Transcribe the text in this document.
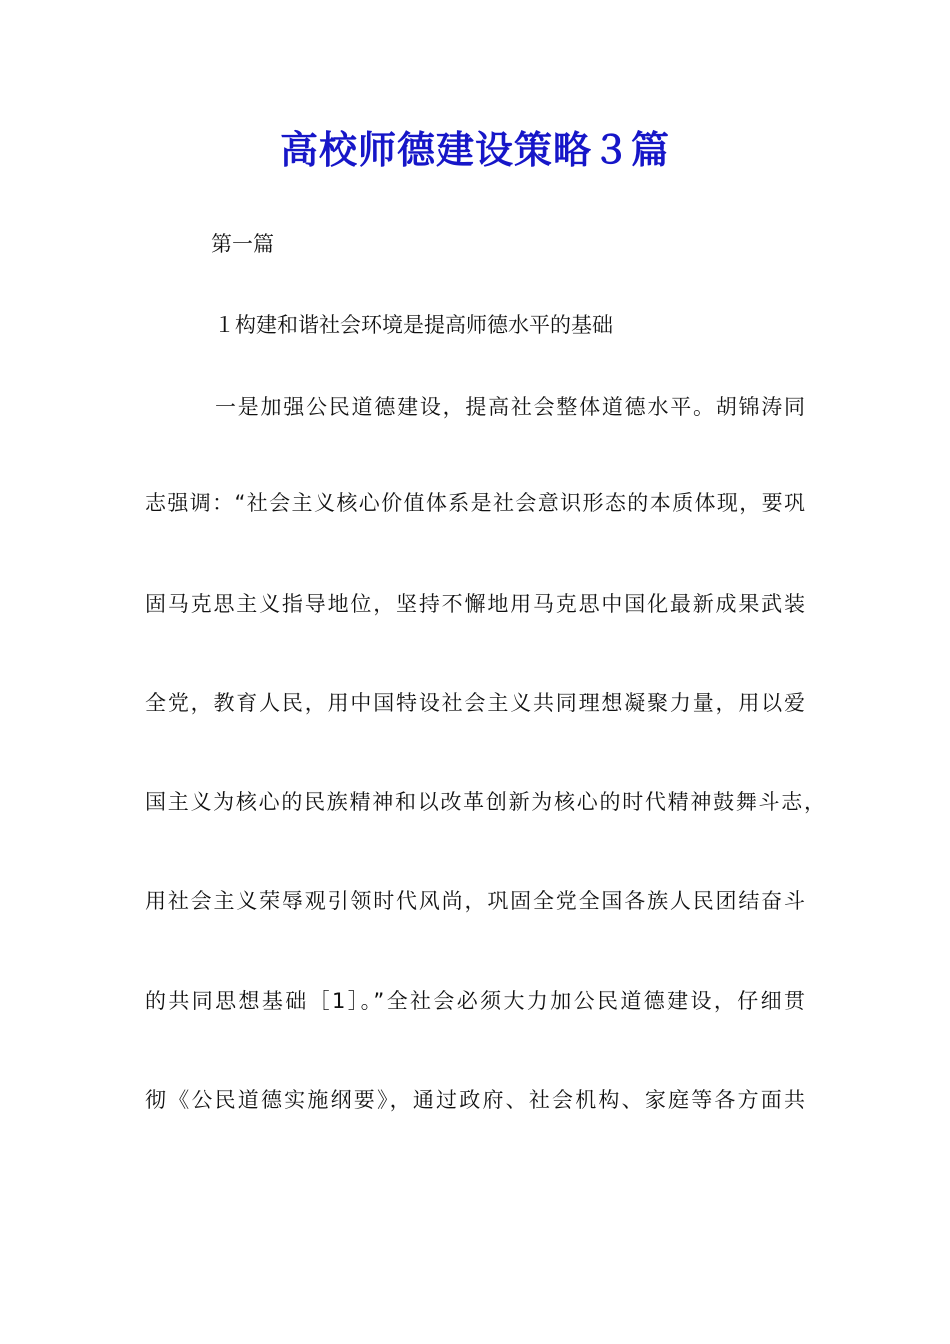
高校师德建设策略３篇
第一篇
１构建和谐社会环境是提高师德水平的基础
一是加强公民道德建设，提高社会整体道德水平。胡锦涛同
志强调：“社会主义核心价值体系是社会意识形态的本质体现，要巩
固马克思主义指导地位，坚持不懈地用马克思中国化最新成果武装
全党，教育人民，用中国特设社会主义共同理想凝聚力量，用以爱
国主义为核心的民族精神和以改革创新为核心的时代精神鼓舞斗志，
用社会主义荣辱观引领时代风尚，巩固全党全国各族人民团结奋斗
的共同思想基础［1］。”全社会必须大力加公民道德建设，仔细贯
彻《公民道德实施纲要》，通过政府、社会机构、家庭等各方面共
